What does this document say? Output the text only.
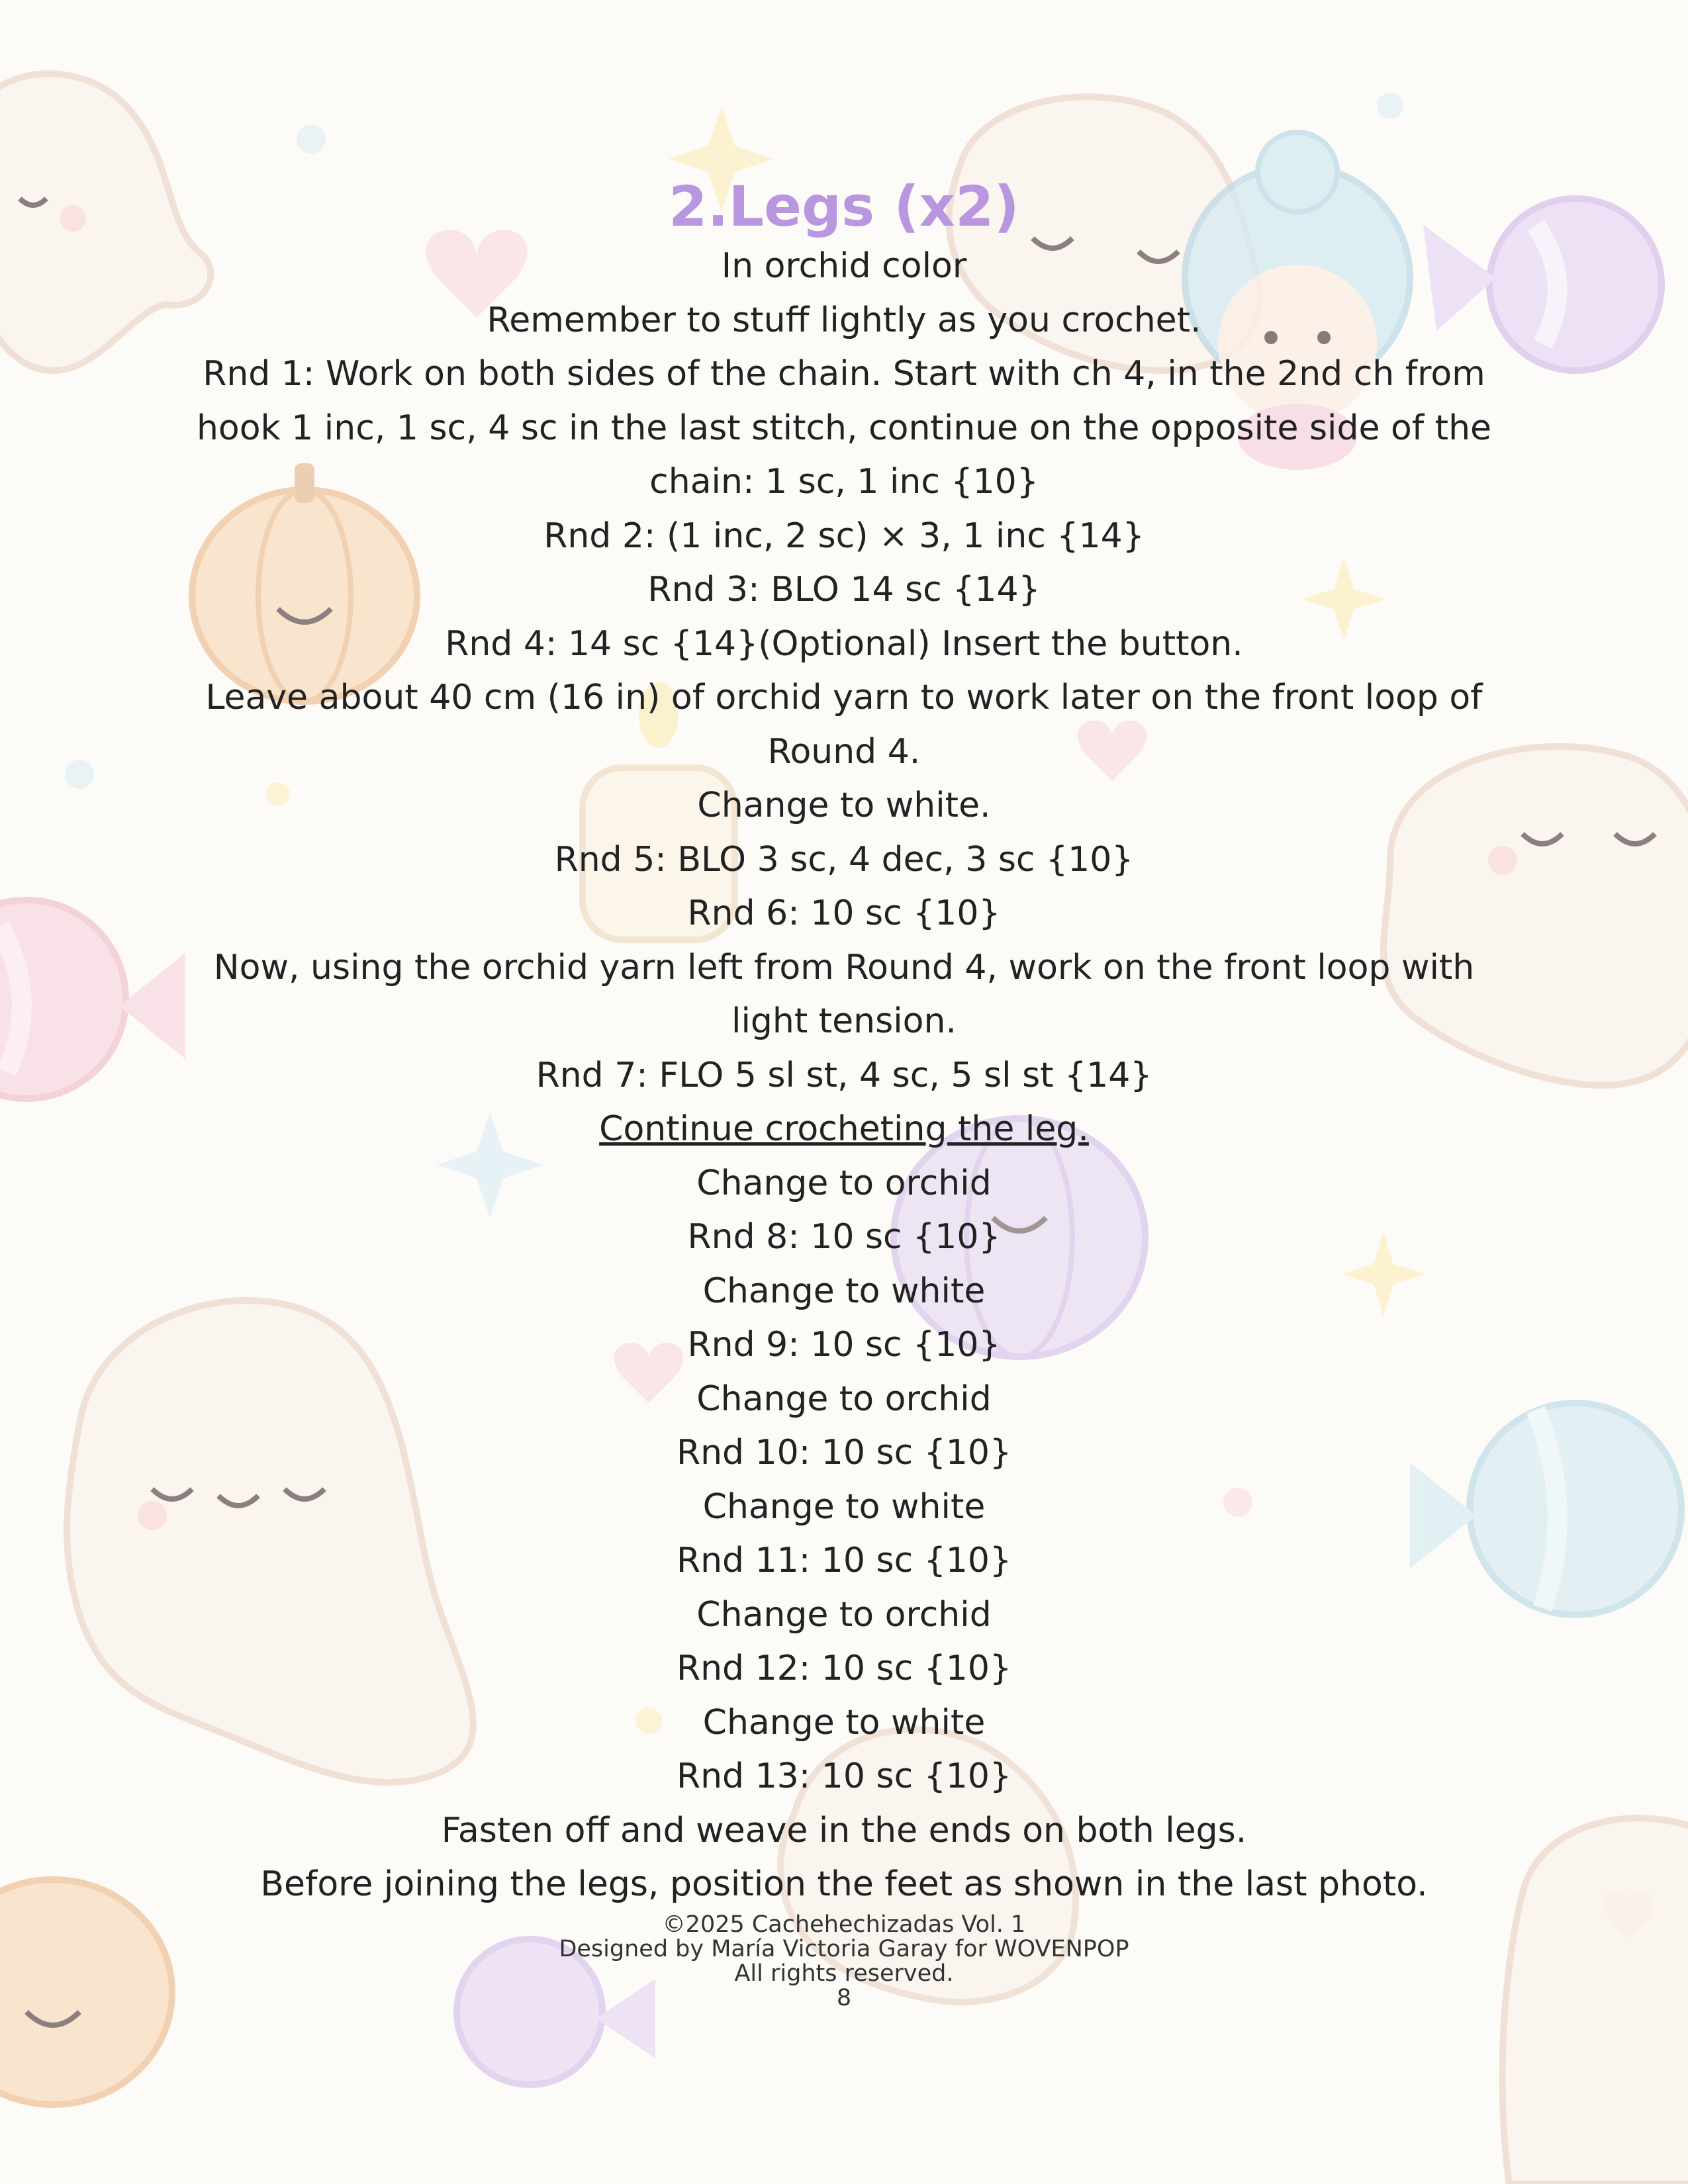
2.Legs (x2)
In orchid color
Remember to stuff lightly as you crochet.
Rnd 1: Work on both sides of the chain. Start with ch 4, in the 2nd ch from hook 1 inc, 1 sc, 4 sc in the last stitch, continue on the opposite side of the chain: 1 sc, 1 inc {10}
Rnd 2: (1 inc, 2 sc) × 3, 1 inc {14}
Rnd 3: BLO 14 sc {14}
Rnd 4: 14 sc {14}(Optional) Insert the button.
Leave about 40 cm (16 in) of orchid yarn to work later on the front loop of Round 4.
Change to white.
Rnd 5: BLO 3 sc, 4 dec, 3 sc {10}
Rnd 6: 10 sc {10}
Now, using the orchid yarn left from Round 4, work on the front loop with light tension.
Rnd 7: FLO 5 sl st, 4 sc, 5 sl st {14}
Continue crocheting the leg.
Change to orchid
Rnd 8: 10 sc {10}
Change to white
Rnd 9: 10 sc {10}
Change to orchid
Rnd 10: 10 sc {10}
Change to white
Rnd 11: 10 sc {10}
Change to orchid
Rnd 12: 10 sc {10}
Change to white
Rnd 13: 10 sc {10}
Fasten off and weave in the ends on both legs.
Before joining the legs, position the feet as shown in the last photo.
©2025 Cachehechizadas Vol. 1
Designed by María Victoria Garay for WOVENPOP
All rights reserved.
8
